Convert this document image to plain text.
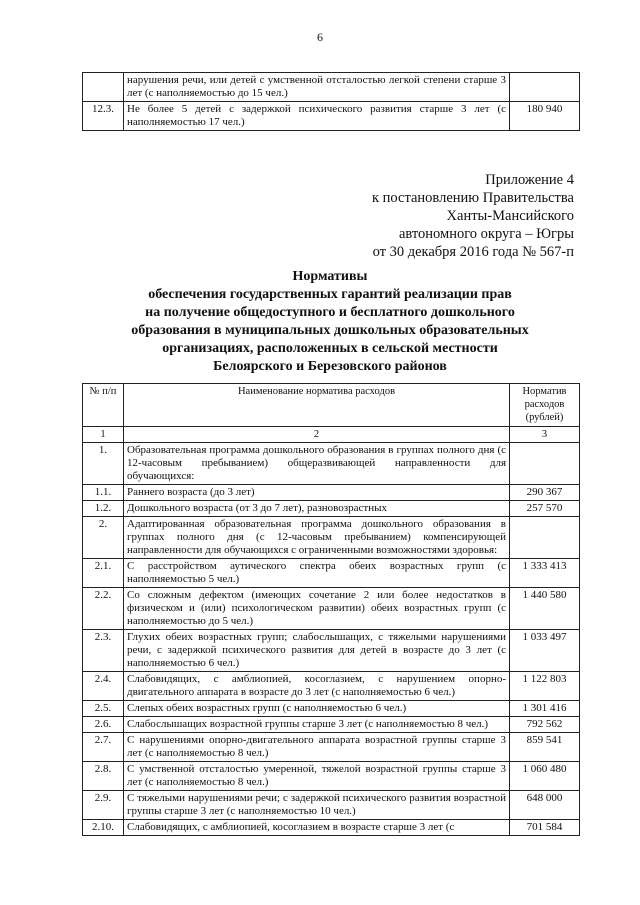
6
	нарушения речи, или детей с умственной отсталостью легкой степени старше 3 лет (с наполняемостью до 15 чел.)	
12.3.	Не более 5 детей с задержкой психического развития старше 3 лет (с наполняемостью 17 чел.)	180 940
Приложение 4
к постановлению Правительства
Ханты-Мансийского
автономного округа – Югры
от 30 декабря 2016 года № 567-п
Нормативы
обеспечения государственных гарантий реализации прав
на получение общедоступного и бесплатного дошкольного
образования в муниципальных дошкольных образовательных
организациях, расположенных в сельской местности
Белоярского и Березовского районов
№ п/п	Наименование норматива расходов	Норматив расходов (рублей)
1	2	3
1.	Образовательная программа дошкольного образования в группах полного дня (с 12-часовым пребыванием) общеразвивающей направленности для обучающихся:	
1.1.	Раннего возраста (до 3 лет)	290 367
1.2.	Дошкольного возраста (от 3 до 7 лет), разновозрастных	257 570
2.	Адаптированная образовательная программа дошкольного образования в группах полного дня (с 12-часовым пребыванием) компенсирующей направленности для обучающихся с ограниченными возможностями здоровья:	
2.1.	С расстройством аутического спектра обеих возрастных групп (с наполняемостью 5 чел.)	1 333 413
2.2.	Со сложным дефектом (имеющих сочетание 2 или более недостатков в физическом и (или) психологическом развитии) обеих возрастных групп (с наполняемостью до 5 чел.)	1 440 580
2.3.	Глухих обеих возрастных групп; слабослышащих, с тяжелыми нарушениями речи, с задержкой психического развития для детей в возрасте до 3 лет (с наполняемостью 6 чел.)	1 033 497
2.4.	Слабовидящих, с амблиопией, косоглазием, с нарушением опорно-двигательного аппарата в возрасте до 3 лет (с наполняемостью 6 чел.)	1 122 803
2.5.	Слепых обеих возрастных групп (с наполняемостью 6 чел.)	1 301 416
2.6.	Слабослышащих возрастной группы старше 3 лет (с наполняемостью 8 чел.)	792 562
2.7.	С нарушениями опорно-двигательного аппарата возрастной группы старше 3 лет (с наполняемостью 8 чел.)	859 541
2.8.	С умственной отсталостью умеренной, тяжелой возрастной группы старше 3 лет (с наполняемостью 8 чел.)	1 060 480
2.9.	С тяжелыми нарушениями речи; с задержкой психического развития возрастной группы старше 3 лет (с наполняемостью 10 чел.)	648 000
2.10.	Слабовидящих, с амблиопией, косоглазием в возрасте старше 3 лет (с	701 584
